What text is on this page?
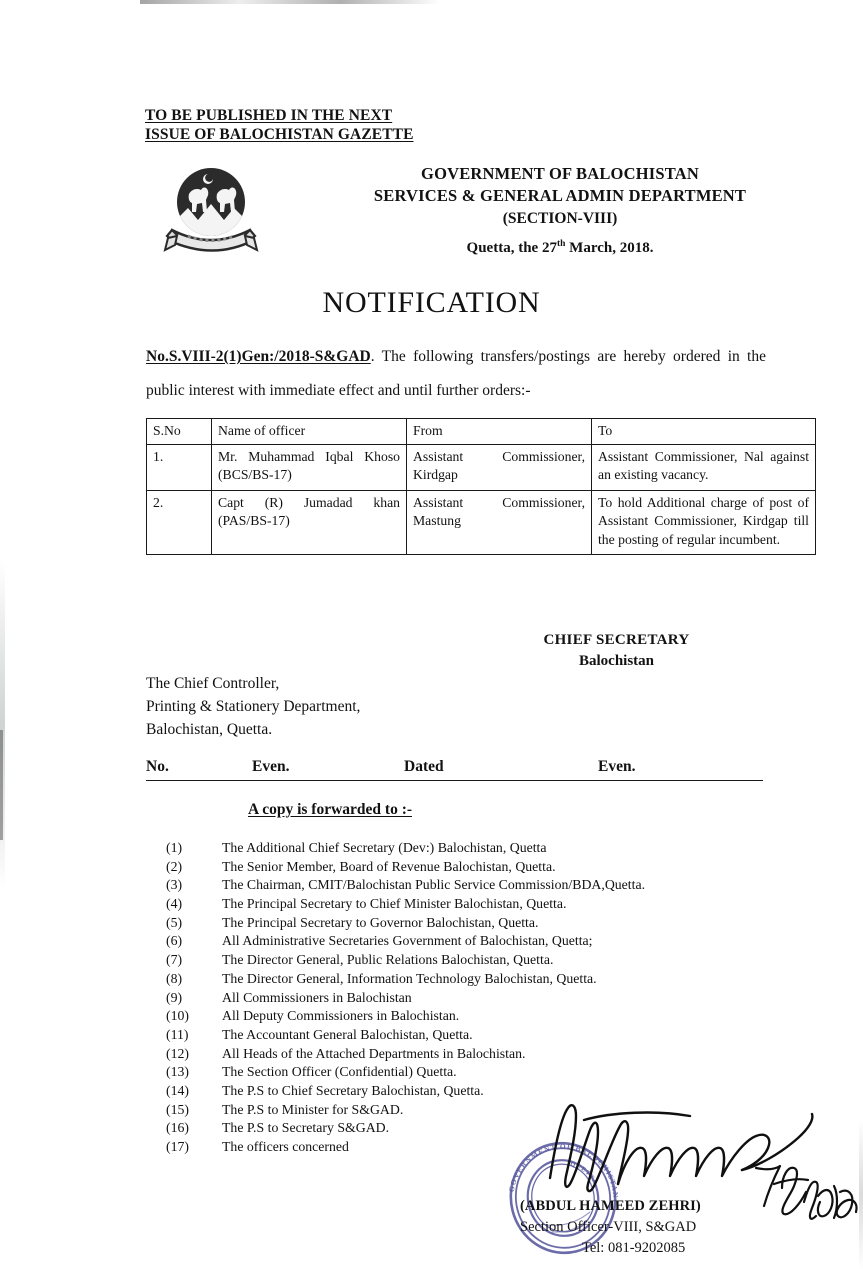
TO BE PUBLISHED IN THE NEXT
ISSUE OF BALOCHISTAN GAZETTE
GOVERNMENT OF BALOCHISTAN
SERVICES & GENERAL ADMIN DEPARTMENT
(SECTION-VIII)
Quetta, the 27th March, 2018.
NOTIFICATION
No.S.VIII-2(1)Gen:/2018-S&GAD. The following transfers/postings are hereby ordered in the public interest with immediate effect and until further orders:-
S.No	Name of officer	From	To
1.	Mr. Muhammad Iqbal Khoso (BCS/BS-17)	Assistant Commissioner, Kirdgap	Assistant Commissioner, Nal against an existing vacancy.
2.	Capt (R) Jumadad khan (PAS/BS-17)	Assistant Commissioner, Mastung	To hold Additional charge of post of Assistant Commissioner, Kirdgap till the posting of regular incumbent.
CHIEF SECRETARY
Balochistan
The Chief Controller,
Printing & Stationery Department,
Balochistan, Quetta.
No.	Even.	Dated	Even.
A copy is forwarded to :-
(1)	The Additional Chief Secretary (Dev:) Balochistan, Quetta
(2)	The Senior Member, Board of Revenue Balochistan, Quetta.
(3)	The Chairman, CMIT/Balochistan Public Service Commission/BDA,Quetta.
(4)	The Principal Secretary to Chief Minister Balochistan, Quetta.
(5)	The Principal Secretary to Governor Balochistan, Quetta.
(6)	All Administrative Secretaries Government of Balochistan, Quetta;
(7)	The Director General, Public Relations Balochistan, Quetta.
(8)	The Director General, Information Technology Balochistan, Quetta.
(9)	All Commissioners in Balochistan
(10)	All Deputy Commissioners in Balochistan.
(11)	The Accountant General Balochistan, Quetta.
(12)	All Heads of the Attached Departments in Balochistan.
(13)	The Section Officer (Confidential) Quetta.
(14)	The P.S to Chief Secretary Balochistan, Quetta.
(15)	The P.S to Minister for S&GAD.
(16)	The P.S to Secretary S&GAD.
(17)	The officers concerned
GOVERNMENT OF BALOCHISTAN
QUETTA
(ABDUL HAMEED ZEHRI)
Section Officer-VIII, S&GAD
Tel: 081-9202085
